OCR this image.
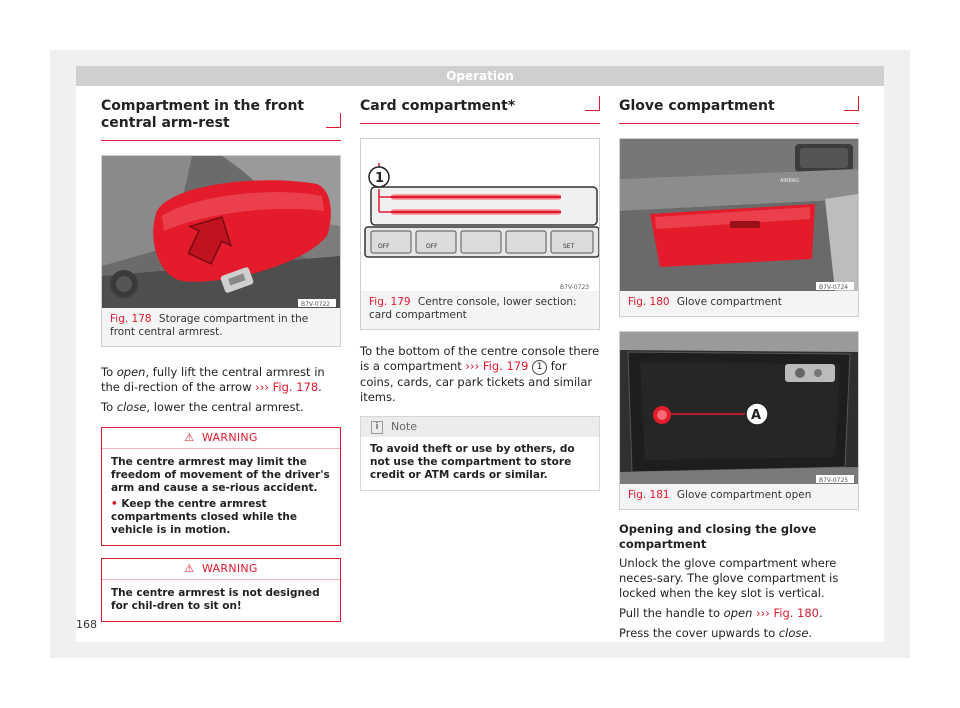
Operation
Compartment in the front central arm-rest
B7V-0722
Fig. 178 Storage compartment in the front central armrest.

To open, fully lift the central armrest in the di-rection of the arrow ››› Fig. 178.

To close, lower the central armrest.

⚠ WARNING
The centre armrest may limit the freedom of movement of the driver's arm and cause a se-rious accident.
• Keep the centre armrest compartments closed while the vehicle is in motion.
⚠ WARNING
The centre armrest is not designed for chil-dren to sit on!
Card compartment*
1
OFF	OFF	SET
B7V-0723
Fig. 179 Centre console, lower section: card compartment

To the bottom of the centre console there is a compartment ››› Fig. 179 1 for coins, cards, car park tickets and similar items.

i	Note
To avoid theft or use by others, do not use the compartment to store credit or ATM cards or similar.
Glove compartment
AIRBAG
B7V-0724
Fig. 180 Glove compartment
A
B7V-0725
Fig. 181 Glove compartment open

Opening and closing the glove compartment

Unlock the glove compartment where neces-sary. The glove compartment is locked when the key slot is vertical.

Pull the handle to open ››› Fig. 180.

Press the cover upwards to close.

168
